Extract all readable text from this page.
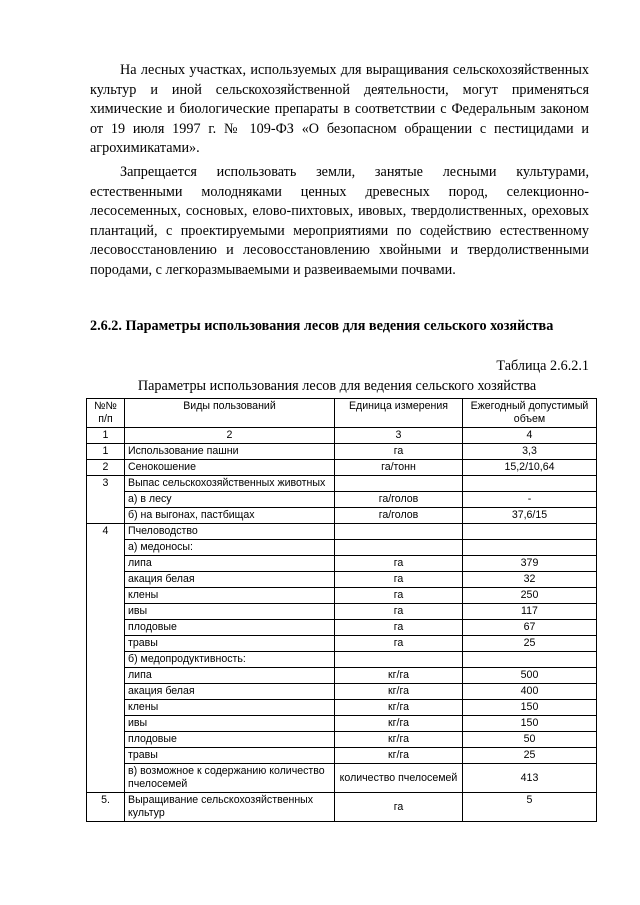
На лесных участках, используемых для выращивания сельскохозяйственных культур и иной сельскохозяйственной деятельности, могут применяться химические и биологические препараты в соответствии с Федеральным законом от 19 июля 1997 г. № 109-ФЗ «О безопасном обращении с пестицидами и агрохимикатами».

Запрещается использовать земли, занятые лесными культурами, естественными молодняками ценных древесных пород, селекционно-лесосеменных, сосновых, елово-пихтовых, ивовых, твердолиственных, ореховых плантаций, с проектируемыми мероприятиями по содействию естественному лесовосстановлению и лесовосстановлению хвойными и твердолиственными породами, с легкоразмываемыми и развеиваемыми почвами.

2.6.2. Параметры использования лесов для ведения сельского хозяйства
Таблица 2.6.2.1
Параметры использования лесов для ведения сельского хозяйства
№№ п/п	Виды пользований	Единица измерения	Ежегодный допустимый объем
1	2	3	4
1	Использование пашни	га	3,3
2	Сенокошение	га/тонн	15,2/10,64
3	Выпас сельскохозяйственных животных		
	а) в лесу	га/голов	-
	б) на выгонах, пастбищах	га/голов	37,6/15
4	Пчеловодство		
	а) медоносы:		
	липа	га	379
	акация белая	га	32
	клены	га	250
	ивы	га	117
	плодовые	га	67
	травы	га	25
	б) медопродуктивность:		
	липа	кг/га	500
	акация белая	кг/га	400
	клены	кг/га	150
	ивы	кг/га	150
	плодовые	кг/га	50
	травы	кг/га	25
	в) возможное к содержанию количество пчелосемей	количество пчелосемей	413
5.	Выращивание сельскохозяйственных культур	га	5
